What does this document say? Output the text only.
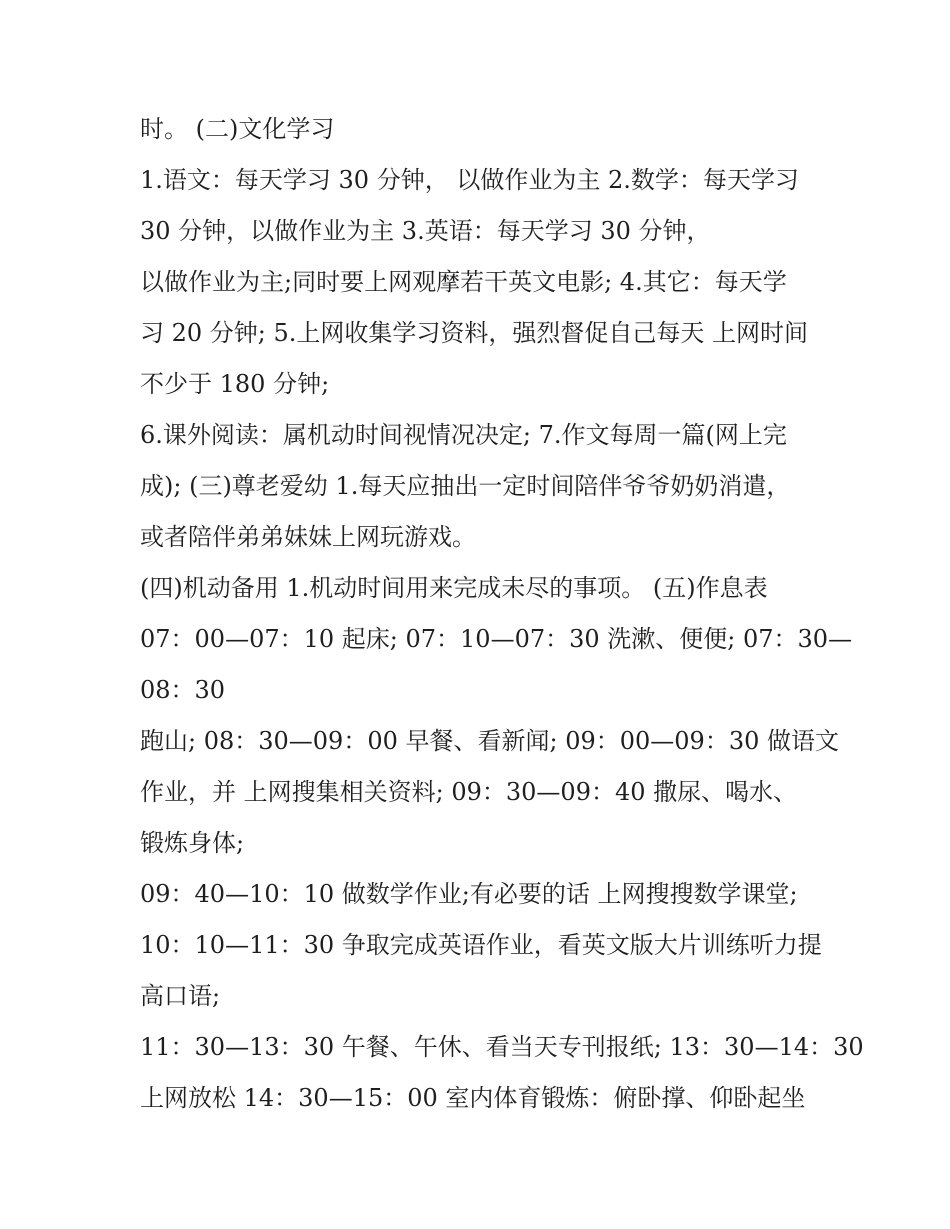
时。 (二)文化学习
1.语文：每天学习 30 分钟， 以做作业为主 2.数学：每天学习
30 分钟，以做作业为主 3.英语：每天学习 30 分钟，
以做作业为主;同时要上网观摩若干英文电影; 4.其它：每天学
习 20 分钟; 5.上网收集学习资料，强烈督促自己每天 上网时间
不少于 180 分钟;
6.课外阅读：属机动时间视情况决定; 7.作文每周一篇(网上完
成); (三)尊老爱幼 1.每天应抽出一定时间陪伴爷爷奶奶消遣，
或者陪伴弟弟妹妹上网玩游戏。
(四)机动备用 1.机动时间用来完成未尽的事项。 (五)作息表
07：00—07：10 起床; 07：10—07：30 洗漱、便便; 07：30—
08：30
跑山; 08：30—09：00 早餐、看新闻; 09：00—09：30 做语文
作业，并 上网搜集相关资料; 09：30—09：40 撒尿、喝水、
锻炼身体;
09：40—10：10 做数学作业;有必要的话 上网搜搜数学课堂;
10：10—11：30 争取完成英语作业，看英文版大片训练听力提
高口语;
11：30—13：30 午餐、午休、看当天专刊报纸; 13：30—14：30
上网放松 14：30—15：00 室内体育锻炼：俯卧撑、仰卧起坐
